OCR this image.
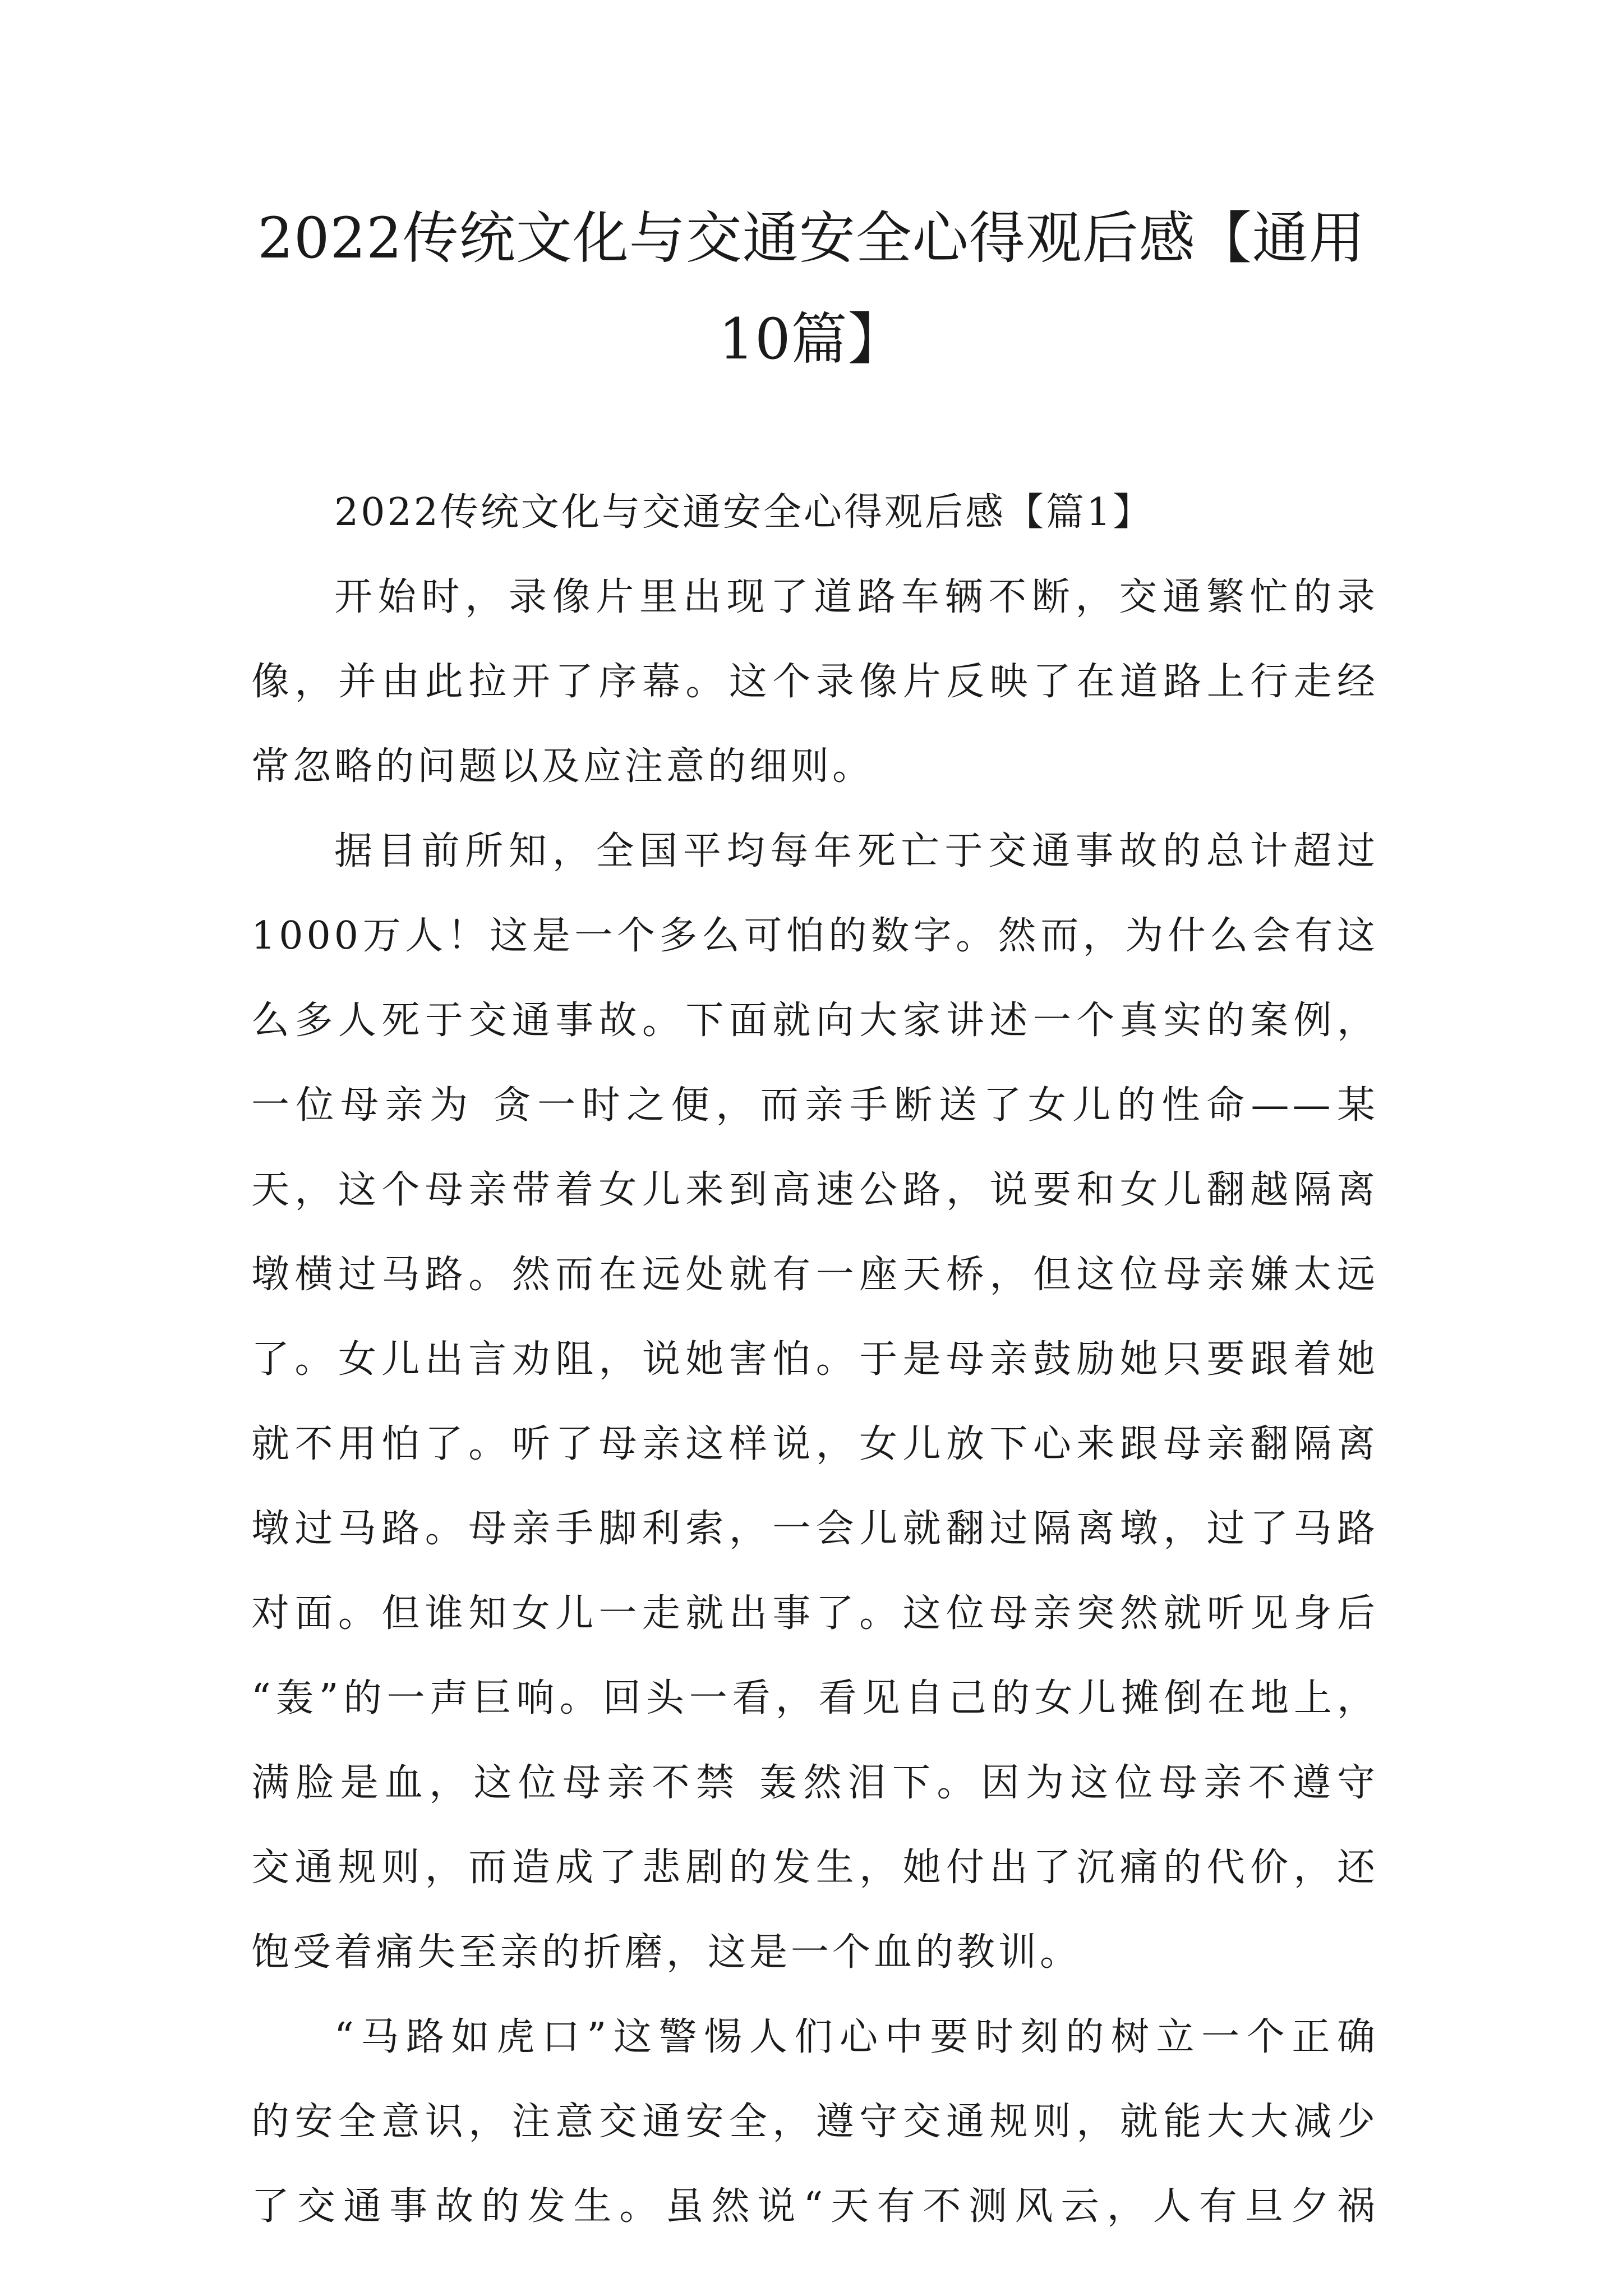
2022传统文化与交通安全心得观后感【通用
10篇】
2022传统文化与交通安全心得观后感【篇1】
开始时，录像片里出现了道路车辆不断，交通繁忙的录
像，并由此拉开了序幕。这个录像片反映了在道路上行走经
常忽略的问题以及应注意的细则。
据目前所知，全国平均每年死亡于交通事故的总计超过
1000万人！这是一个多么可怕的数字。然而，为什么会有这
么多人死于交通事故。下面就向大家讲述一个真实的案例，
一位母亲为 贪一时之便，而亲手断送了女儿的性命——某
天，这个母亲带着女儿来到高速公路，说要和女儿翻越隔离
墩横过马路。然而在远处就有一座天桥，但这位母亲嫌太远
了。女儿出言劝阻，说她害怕。于是母亲鼓励她只要跟着她
就不用怕了。听了母亲这样说，女儿放下心来跟母亲翻隔离
墩过马路。母亲手脚利索，一会儿就翻过隔离墩，过了马路
对面。但谁知女儿一走就出事了。这位母亲突然就听见身后
“轰”的一声巨响。回头一看，看见自己的女儿摊倒在地上，
满脸是血，这位母亲不禁 轰然泪下。因为这位母亲不遵守
交通规则，而造成了悲剧的发生，她付出了沉痛的代价，还
饱受着痛失至亲的折磨，这是一个血的教训。
“马路如虎口”这警惕人们心中要时刻的树立一个正确
的安全意识，注意交通安全，遵守交通规则，就能大大减少
了交通事故的发生。虽然说“天有不测风云，人有旦夕祸
